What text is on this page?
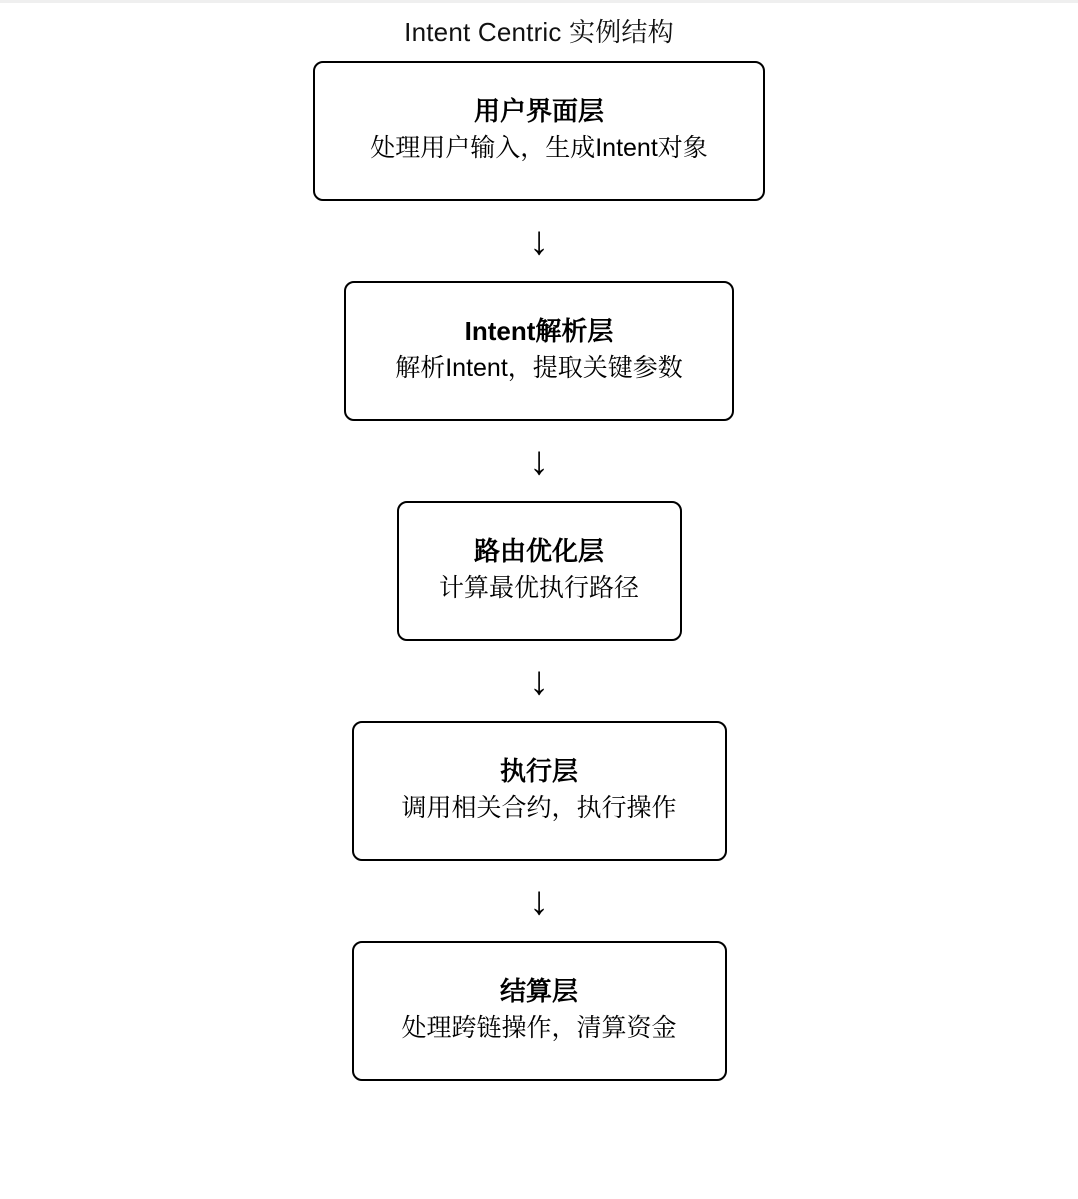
Intent Centric 实例结构
用户界面层
处理用户输入，生成Intent对象
↓
Intent解析层
解析Intent，提取关键参数
↓
路由优化层
计算最优执行路径
↓
执行层
调用相关合约，执行操作
↓
结算层
处理跨链操作，清算资金
